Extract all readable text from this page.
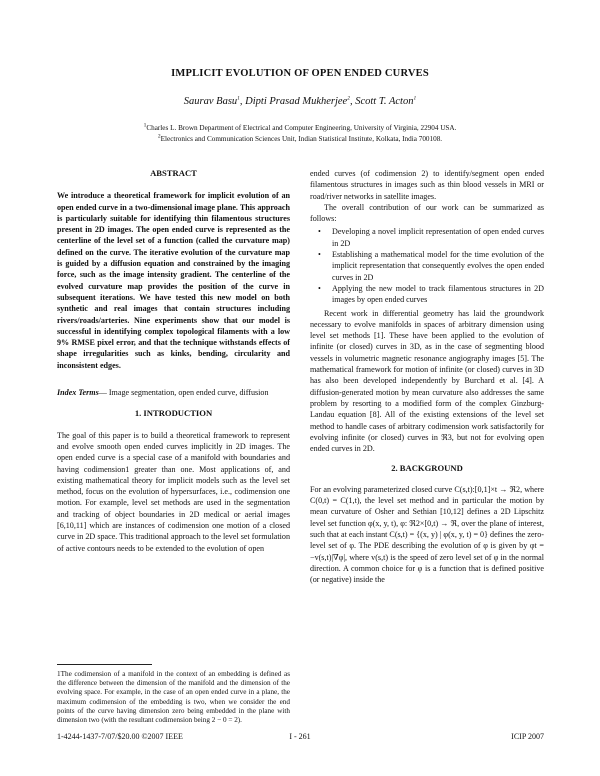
IMPLICIT EVOLUTION OF OPEN ENDED CURVES
Saurav Basu$^1$, Dipti Prasad Mukherjee$^2$, Scott T. Acton$^1$
$^1$Charles L. Brown Department of Electrical and Computer Engineering, University of Virginia, 22904 USA.
$^2$Electronics and Communication Sciences Unit, Indian Statistical Institute, Kolkata, India 700108.

ABSTRACT

We introduce a theoretical framework for implicit evolution of an open ended curve in a two-dimensional image plane. This approach is particularly suitable for identifying thin filamentous structures present in 2D images. The open ended curve is represented as the centerline of the level set of a function (called the curvature map) defined on the curve. The iterative evolution of the curvature map is guided by a diffusion equation and constrained by the imaging force, such as the image intensity gradient. The centerline of the evolved curvature map provides the position of the curve in subsequent iterations. We have tested this new model on both synthetic and real images that contain structures including rivers/roads/arteries. Nine experiments show that our model is successful in identifying complex topological filaments with a low 9% RMSE pixel error, and that the technique withstands effects of shape irregularities such as kinks, bending, circularity and inconsistent edges.

Index Terms— Image segmentation, open ended curve, diffusion

1. INTRODUCTION

The goal of this paper is to build a theoretical framework to represent and evolve smooth open ended curves implicitly in 2D images. The open ended curve is a special case of a manifold with boundaries and having codimension1 greater than one. Most applications of, and existing mathematical theory for implicit models such as the level set method, focus on the evolution of hypersurfaces, i.e., codimension one motion. For example, level set methods are used in the segmentation and tracking of object boundaries in 2D medical or aerial images [6,10,11] which are instances of codimension one motion of a closed curve in 2D space. This traditional approach to the level set formulation of active contours needs to be extended to the evolution of open

1The codimension of a manifold in the context of an embedding is defined as the difference between the dimension of the manifold and the dimension of the evolving space. For example, in the case of an open ended curve in a plane, the maximum codimension of the embedding is two, when we consider the end points of the curve having dimension zero being embedded in the plane with dimension two (with the resultant codimension being 2 − 0 = 2).

ended curves (of codimension 2) to identify/segment open ended filamentous structures in images such as thin blood vessels in MRI or road/river networks in satellite images.

The overall contribution of our work can be summarized as follows:

• Developing a novel implicit representation of open ended curves in 2D
• Establishing a mathematical model for the time evolution of the implicit representation that consequently evolves the open ended curves in 2D
• Applying the new model to track filamentous structures in 2D images by open ended curves

Recent work in differential geometry has laid the groundwork necessary to evolve manifolds in spaces of arbitrary dimension using level set methods [1]. These have been applied to the evolution of infinite (or closed) curves in 3D, as in the case of segmenting blood vessels in volumetric magnetic resonance angiography images [5]. The mathematical framework for motion of infinite (or closed) curves in 3D has also been developed independently by Burchard et al. [4]. A diffusion-generated motion by mean curvature also addresses the same problem by resorting to a modified form of the complex Ginzburg-Landau equation [8]. All of the existing extensions of the level set method to handle cases of arbitrary codimension work satisfactorily for evolving infinite (or closed) curves in ℜ3, but not for evolving open ended curves in 2D.

2. BACKGROUND

For an evolving parameterized closed curve C(s,t):[0,1]×t → ℜ2, where C(0,t) = C(1,t), the level set method and in particular the motion by mean curvature of Osher and Sethian [10,12] defines a 2D Lipschitz level set function φ(x, y, t), φ: ℜ2×[0,t) → ℜ, over the plane of interest, such that at each instant C(s,t) = {(x, y) | φ(x, y, t) = 0} defines the zero-level set of φ. The PDE describing the evolution of φ is given by φt = −v(s,t)|∇φ|, where v(s,t) is the speed of zero level set of φ in the normal direction. A common choice for φ is a function that is defined positive (or negative) inside the

1-4244-1437-7/07/$20.00 ©2007 IEEE	I - 261	ICIP 2007
